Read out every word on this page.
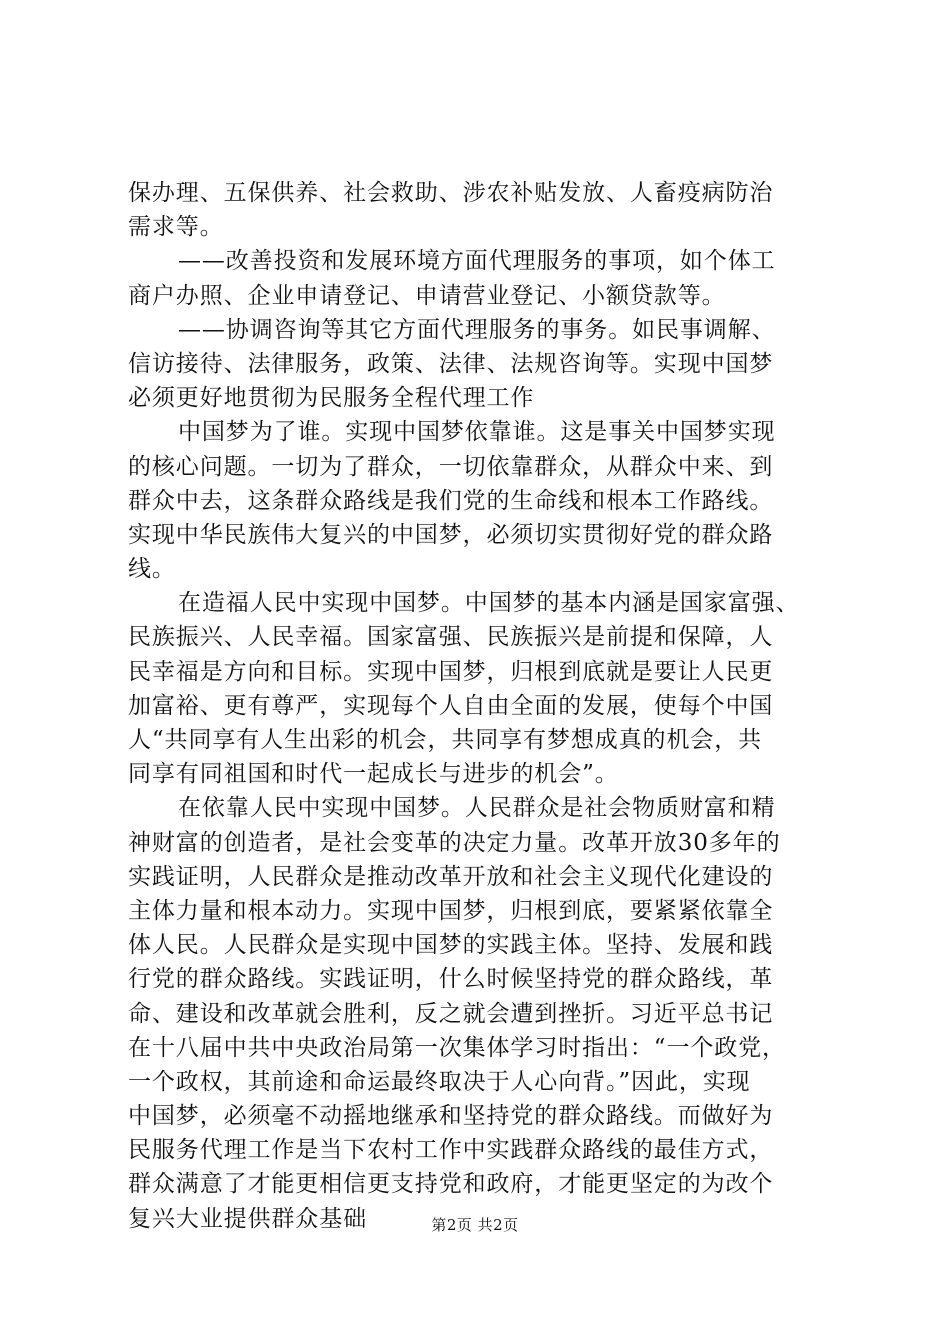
保办理、五保供养、社会救助、涉农补贴发放、人畜疫病防治
需求等。
——改善投资和发展环境方面代理服务的事项，如个体工
商户办照、企业申请登记、申请营业登记、小额贷款等。
——协调咨询等其它方面代理服务的事务。如民事调解、
信访接待、法律服务，政策、法律、法规咨询等。实现中国梦
必须更好地贯彻为民服务全程代理工作
中国梦为了谁。实现中国梦依靠谁。这是事关中国梦实现
的核心问题。一切为了群众，一切依靠群众，从群众中来、到
群众中去，这条群众路线是我们党的生命线和根本工作路线。
实现中华民族伟大复兴的中国梦，必须切实贯彻好党的群众路
线。
在造福人民中实现中国梦。中国梦的基本内涵是国家富强、
民族振兴、人民幸福。国家富强、民族振兴是前提和保障，人
民幸福是方向和目标。实现中国梦，归根到底就是要让人民更
加富裕、更有尊严，实现每个人自由全面的发展，使每个中国
人“共同享有人生出彩的机会，共同享有梦想成真的机会，共
同享有同祖国和时代一起成长与进步的机会”。
在依靠人民中实现中国梦。人民群众是社会物质财富和精
神财富的创造者，是社会变革的决定力量。改革开放30多年的
实践证明，人民群众是推动改革开放和社会主义现代化建设的
主体力量和根本动力。实现中国梦，归根到底，要紧紧依靠全
体人民。人民群众是实现中国梦的实践主体。坚持、发展和践
行党的群众路线。实践证明，什么时候坚持党的群众路线，革
命、建设和改革就会胜利，反之就会遭到挫折。习近平总书记
在十八届中共中央政治局第一次集体学习时指出：“一个政党，
一个政权，其前途和命运最终取决于人心向背。”因此，实现
中国梦，必须毫不动摇地继承和坚持党的群众路线。而做好为
民服务代理工作是当下农村工作中实践群众路线的最佳方式，
群众满意了才能更相信更支持党和政府，才能更坚定的为改个
复兴大业提供群众基础	第2页 共2页
